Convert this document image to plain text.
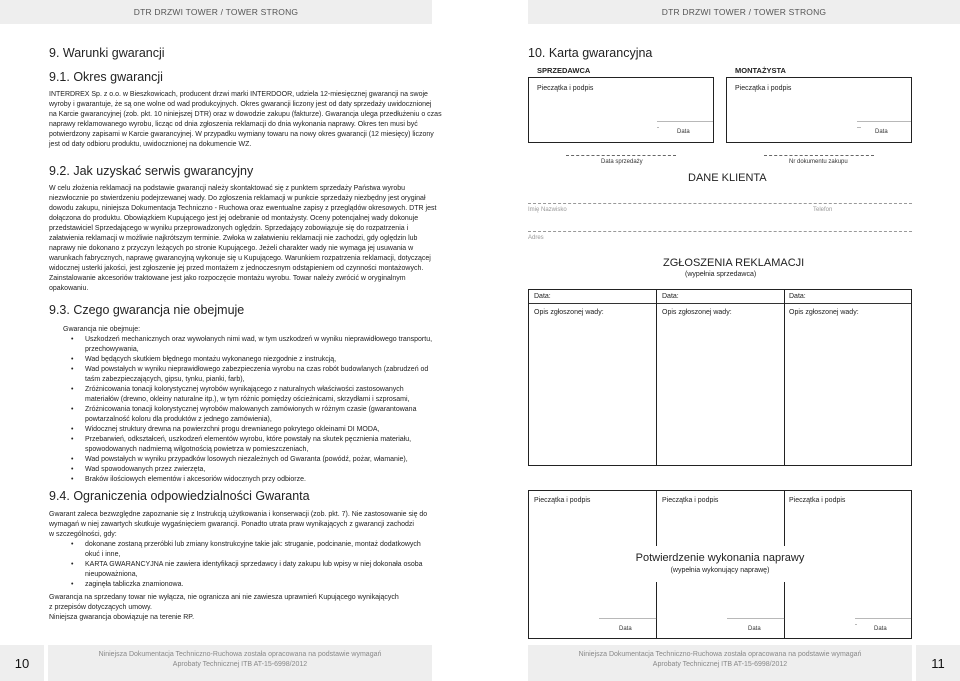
DTR DRZWI TOWER / TOWER STRONG	DTR DRZWI TOWER / TOWER STRONG
9. Warunki gwarancji
9.1. Okres gwarancji
INTERDREX Sp. z o.o. w Bieszkowicach, producent drzwi marki INTERDOOR, udziela 12-miesięcznej gwarancji na swoje
wyroby i gwarantuje, że są one wolne od wad produkcyjnych. Okres gwarancji liczony jest od daty sprzedaży uwidocznionej
na Karcie gwarancyjnej (zob. pkt. 10 niniejszej DTR) oraz w dowodzie zakupu (fakturze). Gwarancja ulega przedłużeniu o czas
naprawy reklamowanego wyrobu, licząc od dnia zgłoszenia reklamacji do dnia wykonania naprawy. Okres ten musi być
potwierdzony zapisami w Karcie gwarancyjnej. W przypadku wymiany towaru na nowy okres gwarancji (12 miesięcy) liczony
jest od daty odbioru produktu, uwidocznionej na dokumencie WZ.
9.2. Jak uzyskać serwis gwarancyjny
W celu złożenia reklamacji na podstawie gwarancji należy skontaktować się z punktem sprzedaży Państwa wyrobu
niezwłocznie po stwierdzeniu podejrzewanej wady. Do zgłoszenia reklamacji w punkcie sprzedaży niezbędny jest oryginał
dowodu zakupu, niniejsza Dokumentacja Techniczno - Ruchowa oraz ewentualne zapisy z przeglądów okresowych. DTR jest
dołączona do produktu. Obowiązkiem Kupującego jest jej odebranie od montażysty. Oceny potencjalnej wady dokonuje
przedstawiciel Sprzedającego w wyniku przeprowadzonych oględzin. Sprzedający zobowiązuje się do rozpatrzenia i
załatwienia reklamacji w możliwie najkrótszym terminie. Zwłoka w załatwieniu reklamacji nie zachodzi, gdy oględzin lub
naprawy nie dokonano z przyczyn leżących po stronie Kupującego. Jeżeli charakter wady nie wymaga jej usuwania w
warunkach fabrycznych, naprawę gwarancyjną wykonuje się u Kupującego. Warunkiem rozpatrzenia reklamacji, dotyczącej
widocznej usterki jakości, jest zgłoszenie jej przed montażem z jednoczesnym odstąpieniem od czynności montażowych.
Zainstalowanie akcesoriów traktowane jest jako rozpoczęcie montażu wyrobu. Towar należy zwrócić w oryginalnym
opakowaniu.
9.3. Czego gwarancja nie obejmuje
Gwarancja nie obejmuje:
• Uszkodzeń mechanicznych oraz wywołanych nimi wad, w tym uszkodzeń w wyniku nieprawidłowego transportu,
przechowywania,
• Wad będących skutkiem błędnego montażu wykonanego niezgodnie z instrukcją,
• Wad powstałych w wyniku nieprawidłowego zabezpieczenia wyrobu na czas robót budowlanych (zabrudzeń od
taśm zabezpieczających, gipsu, tynku, pianki, farb),
• Zróżnicowania tonacji kolorystycznej wyrobów wynikającego z naturalnych właściwości zastosowanych
materiałów (drewno, okleiny naturalne itp.), w tym różnic pomiędzy ościeżnicami, skrzydłami i szprosami,
• Zróżnicowania tonacji kolorystycznej wyrobów malowanych zamówionych w różnym czasie (gwarantowana
powtarzalność koloru dla produktów z jednego zamówienia),
• Widocznej struktury drewna na powierzchni progu drewnianego pokrytego okleinami DI MODA,
• Przebarwień, odkształceń, uszkodzeń elementów wyrobu, które powstały na skutek pęcznienia materiału,
spowodowanych nadmierną wilgotnością powietrza w pomieszczeniach,
• Wad powstałych w wyniku przypadków losowych niezależnych od Gwaranta (powódź, pożar, włamanie),
• Wad spowodowanych przez zwierzęta,
• Braków ilościowych elementów i akcesoriów widocznych przy odbiorze.
9.4. Ograniczenia odpowiedzialności Gwaranta
Gwarant zaleca bezwzględne zapoznanie się z Instrukcją użytkowania i konserwacji (zob. pkt. 7). Nie zastosowanie się do
wymagań w niej zawartych skutkuje wygaśnięciem gwarancji. Ponadto utrata praw wynikających z gwarancji zachodzi
w szczególności, gdy:
• dokonane zostaną przeróbki lub zmiany konstrukcyjne takie jak: struganie, podcinanie, montaż dodatkowych
okuć i inne,
• KARTA GWARANCYJNA nie zawiera identyfikacji sprzedawcy i daty zakupu lub wpisy w niej dokonała osoba
nieupoważniona,
• zaginęła tabliczka znamionowa.
Gwarancja na sprzedany towar nie wyłącza, nie ogranicza ani nie zawiesza uprawnień Kupującego wynikających
z przepisów dotyczących umowy.
Niniejsza gwarancja obowiązuje na terenie RP.
10. Karta gwarancyjna
SPRZEDAWCA	MONTAŻYSTA
Pieczątka i podpis
-----------------------------
Data
Pieczątka i podpis
-----------------------------
Data
Data sprzedaży	Nr dokumentu zakupu
DANE KLIENTA
Imię Nazwisko	Telefon
Adres
ZGŁOSZENIA REKLAMACJI
(wypełnia sprzedawca)
Data:	Data:	Data:
Opis zgłoszonej wady:	Opis zgłoszonej wady:	Opis zgłoszonej wady:
Pieczątka i podpis	Pieczątka i podpis	Pieczątka i podpis
Potwierdzenie wykonania naprawy
(wypełnia wykonujący naprawę)
-----------------------------
Data
-----------------------------
Data
-----------------------------
Data
10
Niniejsza Dokumentacja Techniczno-Ruchowa została opracowana na podstawie wymagań
Aprobaty Technicznej ITB AT-15-6998/2012
Niniejsza Dokumentacja Techniczno-Ruchowa została opracowana na podstawie wymagań
Aprobaty Technicznej ITB AT-15-6998/2012	11
